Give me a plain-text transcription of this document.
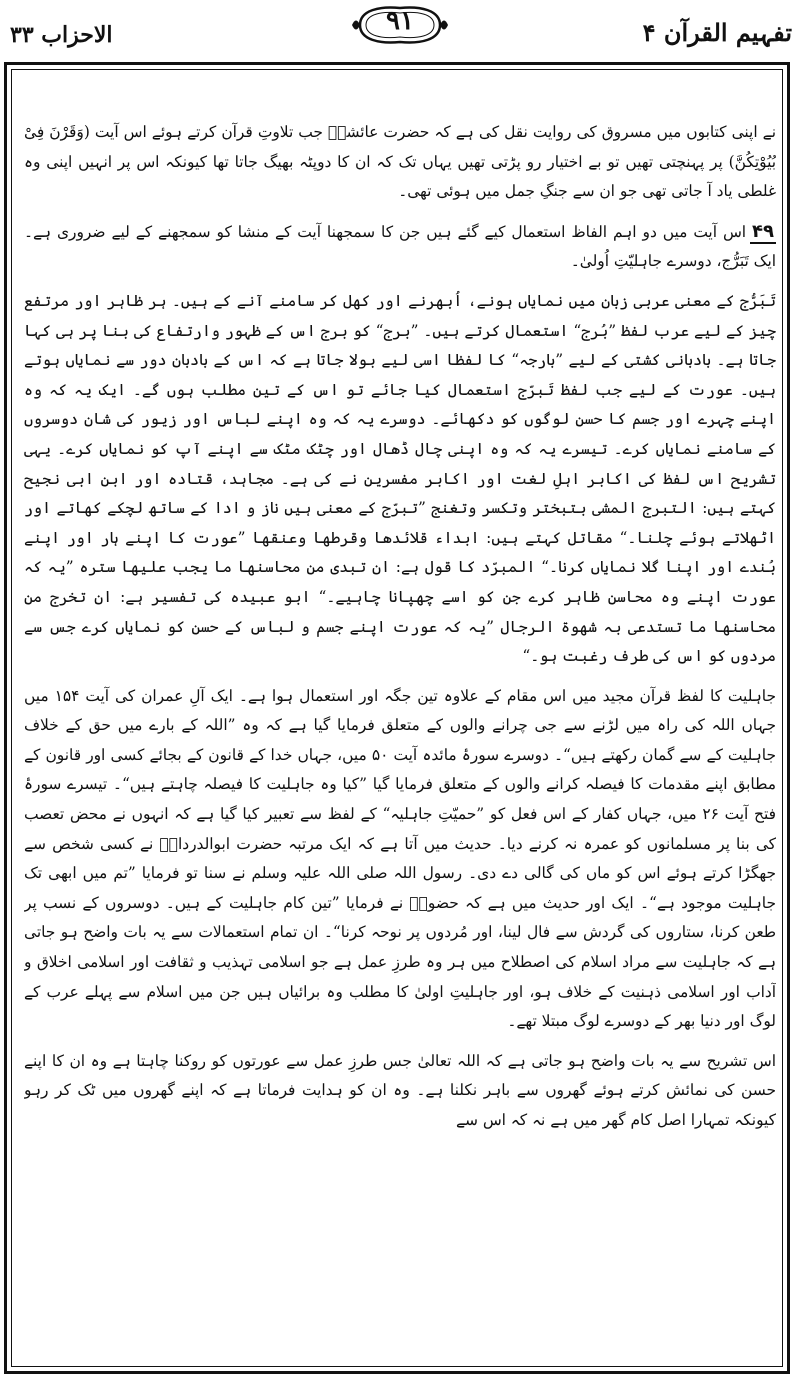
تفہیم القرآن ۴
۹۱
الاحزاب ۳۳

نے اپنی کتابوں میں مسروق کی روایت نقل کی ہے کہ حضرت عائشہؓ جب تلاوتِ قرآن کرتے ہوئے اس آیت (وَقَرْنَ فِیْ بُیُوْتِکُنَّ) پر پہنچتی تھیں تو بے اختیار رو پڑتی تھیں یہاں تک کہ ان کا دوپٹہ بھیگ جاتا تھا کیونکہ اس پر انہیں اپنی وہ غلطی یاد آ جاتی تھی جو ان سے جنگِ جمل میں ہوئی تھی۔

۴۹اس آیت میں دو اہم الفاظ استعمال کیے گئے ہیں جن کا سمجھنا آیت کے منشا کو سمجھنے کے لیے ضروری ہے۔ ایک تَبَرُّج، دوسرے جاہلیّتِ اُولیٰ۔

تَبَرُّج کے معنی عربی زبان میں نمایاں ہونے، اُبھرنے اور کھل کر سامنے آنے کے ہیں۔ ہر ظاہر اور مرتفع چیز کے لیے عرب لفظ ”بُرج“ استعمال کرتے ہیں۔ ”برج“ کو برج اس کے ظہور وارتفاع کی بنا پر ہی کہا جاتا ہے۔ بادبانی کشتی کے لیے ”بارجہ“ کا لفظا اسی لیے بولا جاتا ہے کہ اس کے بادبان دور سے نمایاں ہوتے ہیں۔ عورت کے لیے جب لفظ تَبرّج استعمال کیا جائے تو اس کے تین مطلب ہوں گے۔ ایک یہ کہ وہ اپنے چہرے اور جسم کا حسن لوگوں کو دکھائے۔ دوسرے یہ کہ وہ اپنے لباس اور زیور کی شان دوسروں کے سامنے نمایاں کرے۔ تیسرے یہ کہ وہ اپنی چال ڈھال اور چٹک مٹک سے اپنے آپ کو نمایاں کرے۔ یہی تشریح اس لفظ کی اکابر اہلِ لغت اور اکابر مفسرین نے کی ہے۔ مجاہد، قتادہ اور ابن ابی نجیح کہتے ہیں: التبرج المشی بتبختر وتکسر وتغنج ”تبرّج کے معنی ہیں ناز و ادا کے ساتھ لچکے کھاتے اور اٹھلاتے ہوئے چلنا۔“ مقاتل کہتے ہیں: ابداء قلائدھا وقرطھا وعنقھا ”عورت کا اپنے ہار اور اپنے بُندے اور اپنا گلا نمایاں کرنا۔“ المبرّد کا قول ہے: ان تبدی من محاسنھا ما یجب علیھا سترہ ”یہ کہ عورت اپنے وہ محاسن ظاہر کرے جن کو اسے چھپانا چاہیے۔“ ابو عبیدہ کی تفسیر ہے: ان تخرج من محاسنھا ما تستدعی بہ شھوۃ الرجال ”یہ کہ عورت اپنے جسم و لباس کے حسن کو نمایاں کرے جس سے مردوں کو اس کی طرف رغبت ہو۔“

جاہلیت کا لفظ قرآن مجید میں اس مقام کے علاوہ تین جگہ اور استعمال ہوا ہے۔ ایک آلِ عمران کی آیت ۱۵۴ میں جہاں اللہ کی راہ میں لڑنے سے جی چرانے والوں کے متعلق فرمایا گیا ہے کہ وہ ”اللہ کے بارے میں حق کے خلاف جاہلیت کے سے گمان رکھتے ہیں“۔ دوسرے سورۂ مائدہ آیت ۵۰ میں، جہاں خدا کے قانون کے بجائے کسی اور قانون کے مطابق اپنے مقدمات کا فیصلہ کرانے والوں کے متعلق فرمایا گیا ”کیا وہ جاہلیت کا فیصلہ چاہتے ہیں“۔ تیسرے سورۂ فتح آیت ۲۶ میں، جہاں کفار کے اس فعل کو ”حمیّتِ جاہلیہ“ کے لفظ سے تعبیر کیا گیا ہے کہ انہوں نے محض تعصب کی بنا پر مسلمانوں کو عمرہ نہ کرنے دیا۔ حدیث میں آتا ہے کہ ایک مرتبہ حضرت ابوالدرداءؓ نے کسی شخص سے جھگڑا کرتے ہوئے اس کو ماں کی گالی دے دی۔ رسول اللہ صلی اللہ علیہ وسلم نے سنا تو فرمایا ”تم میں ابھی تک جاہلیت موجود ہے“۔ ایک اور حدیث میں ہے کہ حضورؐ نے فرمایا ”تین کام جاہلیت کے ہیں۔ دوسروں کے نسب پر طعن کرنا، ستاروں کی گردش سے فال لینا، اور مُردوں پر نوحہ کرنا“۔ ان تمام استعمالات سے یہ بات واضح ہو جاتی ہے کہ جاہلیت سے مراد اسلام کی اصطلاح میں ہر وہ طرزِ عمل ہے جو اسلامی تہذیب و ثقافت اور اسلامی اخلاق و آداب اور اسلامی ذہنیت کے خلاف ہو، اور جاہلیتِ اولیٰ کا مطلب وہ برائیاں ہیں جن میں اسلام سے پہلے عرب کے لوگ اور دنیا بھر کے دوسرے لوگ مبتلا تھے۔

اس تشریح سے یہ بات واضح ہو جاتی ہے کہ اللہ تعالیٰ جس طرزِ عمل سے عورتوں کو روکنا چاہتا ہے وہ ان کا اپنے حسن کی نمائش کرتے ہوئے گھروں سے باہر نکلنا ہے۔ وہ ان کو ہدایت فرماتا ہے کہ اپنے گھروں میں ٹک کر رہو کیونکہ تمہارا اصل کام گھر میں ہے نہ کہ اس سے
